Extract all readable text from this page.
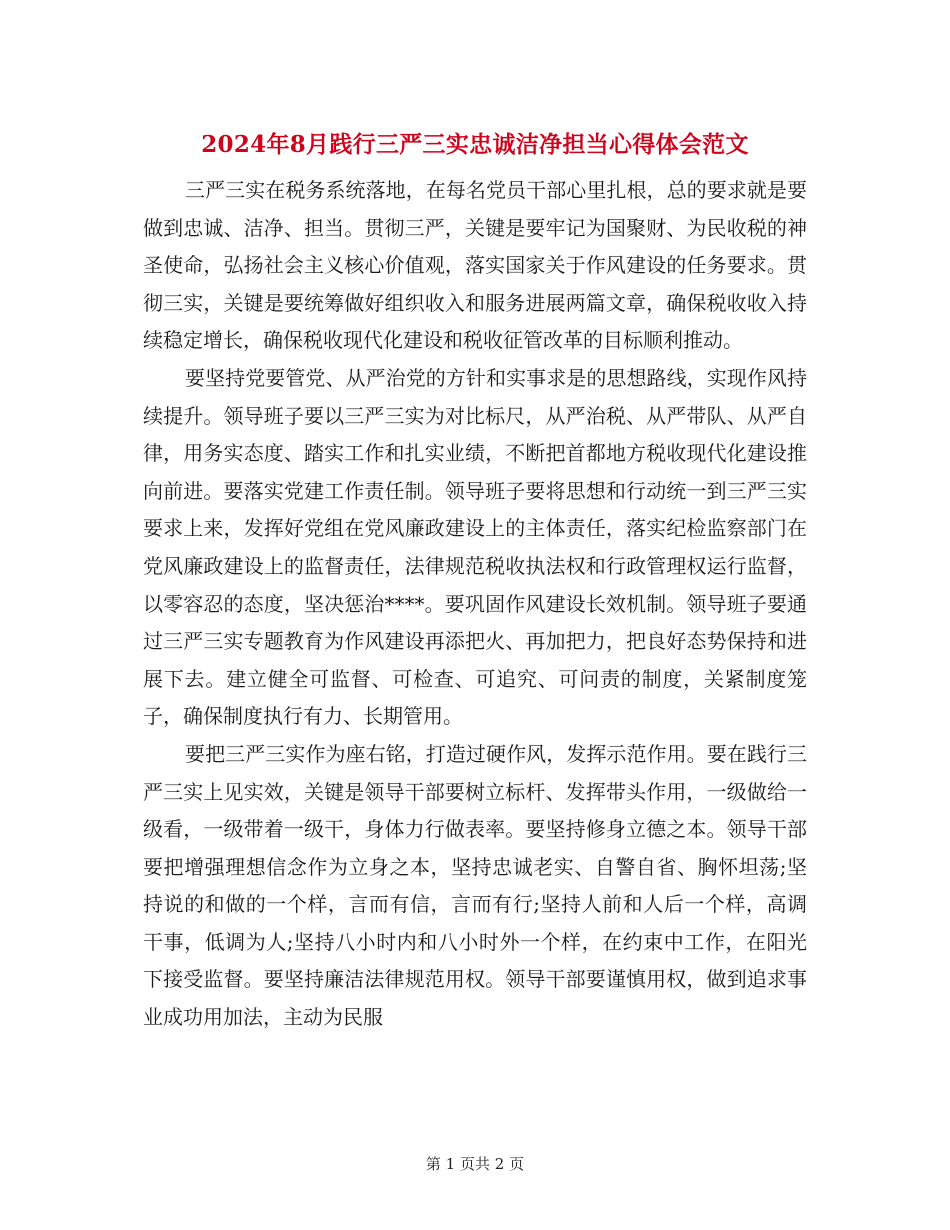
2024年8月践行三严三实忠诚洁净担当心得体会范文

三严三实在税务系统落地，在每名党员干部心里扎根，总的要求就是要做到忠诚、洁净、担当。贯彻三严，关键是要牢记为国聚财、为民收税的神圣使命，弘扬社会主义核心价值观，落实国家关于作风建设的任务要求。贯彻三实，关键是要统筹做好组织收入和服务进展两篇文章，确保税收收入持续稳定增长，确保税收现代化建设和税收征管改革的目标顺利推动。

要坚持党要管党、从严治党的方针和实事求是的思想路线，实现作风持续提升。领导班子要以三严三实为对比标尺，从严治税、从严带队、从严自律，用务实态度、踏实工作和扎实业绩，不断把首都地方税收现代化建设推向前进。要落实党建工作责任制。领导班子要将思想和行动统一到三严三实要求上来，发挥好党组在党风廉政建设上的主体责任，落实纪检监察部门在党风廉政建设上的监督责任，法律规范税收执法权和行政管理权运行监督，以零容忍的态度，坚决惩治****。要巩固作风建设长效机制。领导班子要通过三严三实专题教育为作风建设再添把火、再加把力，把良好态势保持和进展下去。建立健全可监督、可检查、可追究、可问责的制度，关紧制度笼子，确保制度执行有力、长期管用。

要把三严三实作为座右铭，打造过硬作风，发挥示范作用。要在践行三严三实上见实效，关键是领导干部要树立标杆、发挥带头作用，一级做给一级看，一级带着一级干，身体力行做表率。要坚持修身立德之本。领导干部要把增强理想信念作为立身之本，坚持忠诚老实、自警自省、胸怀坦荡;坚持说的和做的一个样，言而有信，言而有行;坚持人前和人后一个样，高调干事，低调为人;坚持八小时内和八小时外一个样，在约束中工作，在阳光下接受监督。要坚持廉洁法律规范用权。领导干部要谨慎用权，做到追求事业成功用加法，主动为民服

第 1 页共 2 页
